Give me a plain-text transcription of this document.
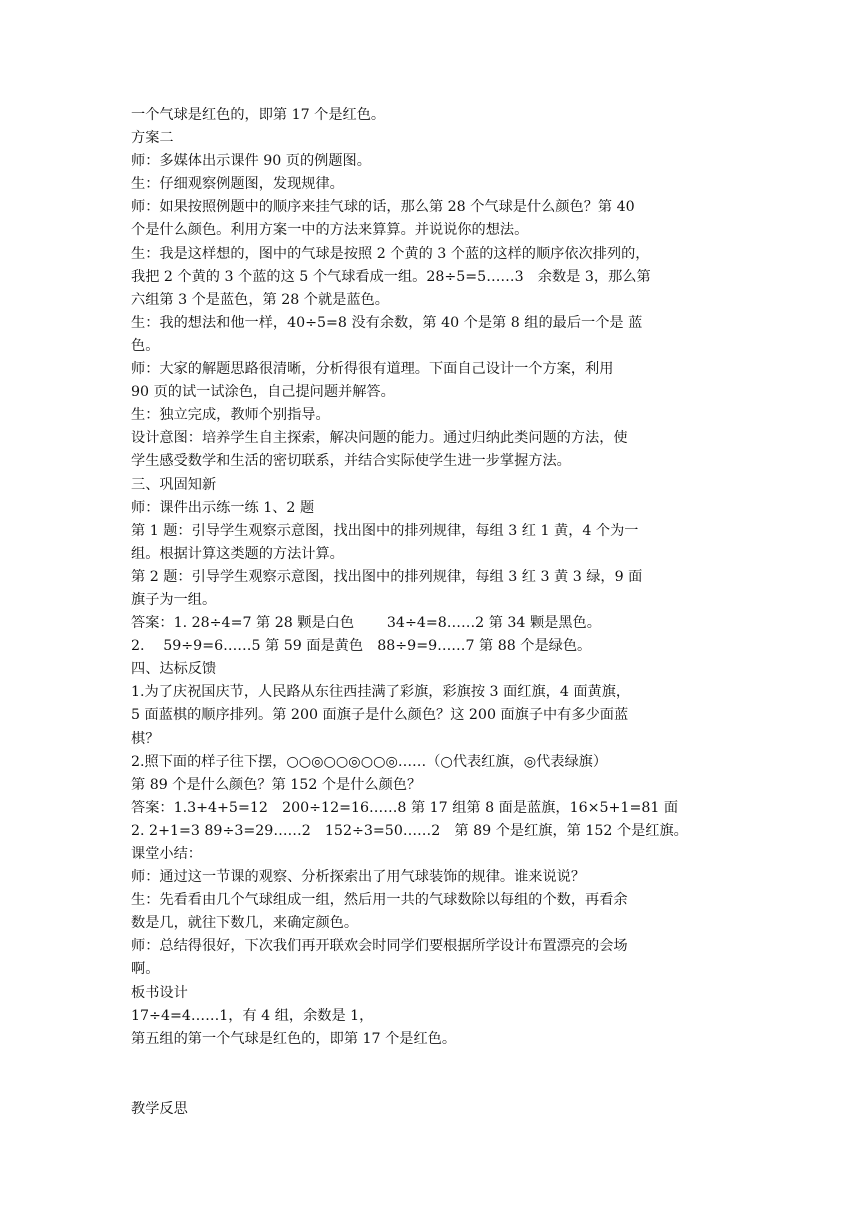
一个气球是红色的，即第 17 个是红色。
方案二
师：多媒体出示课件 90 页的例题图。
生：仔细观察例题图，发现规律。
师：如果按照例题中的顺序来挂气球的话，那么第 28 个气球是什么颜色？第 40
个是什么颜色。利用方案一中的方法来算算。并说说你的想法。
生：我是这样想的，图中的气球是按照 2 个黄的 3 个蓝的这样的顺序依次排列的，
我把 2 个黄的 3 个蓝的这 5 个气球看成一组。28÷5=5……3　余数是 3，那么第
六组第 3 个是蓝色，第 28 个就是蓝色。
生：我的想法和他一样，40÷5=8 没有余数，第 40 个是第 8 组的最后一个是 蓝
色。
师：大家的解题思路很清晰，分析得很有道理。下面自己设计一个方案，利用
90 页的试一试涂色，自己提问题并解答。
生：独立完成，教师个别指导。
设计意图：培养学生自主探索，解决问题的能力。通过归纳此类问题的方法，使
学生感受数学和生活的密切联系，并结合实际使学生进一步掌握方法。
三、巩固知新
师：课件出示练一练 1、2 题
第 1 题：引导学生观察示意图，找出图中的排列规律，每组 3 红 1 黄，4 个为一
组。根据计算这类题的方法计算。
第 2 题：引导学生观察示意图，找出图中的排列规律，每组 3 红 3 黄 3 绿，9 面
旗子为一组。
答案：1. 28÷4=7 第 28 颗是白色　　 34÷4=8……2 第 34 颗是黑色。
2.　 59÷9=6……5 第 59 面是黄色　88÷9=9……7 第 88 个是绿色。
四、达标反馈
1.为了庆祝国庆节，人民路从东往西挂满了彩旗，彩旗按 3 面红旗，4 面黄旗，
5 面蓝棋的顺序排列。第 200 面旗子是什么颜色？这 200 面旗子中有多少面蓝
棋？
2.照下面的样子往下摆，○○◎○○◎○○◎……（○代表红旗，◎代表绿旗）
第 89 个是什么颜色？第 152 个是什么颜色？
答案：1.3+4+5=12　200÷12=16……8 第 17 组第 8 面是蓝旗，16×5+1=81 面
2. 2+1=3 89÷3=29……2　152÷3=50……2　第 89 个是红旗，第 152 个是红旗。
课堂小结：
师：通过这一节课的观察、分析探索出了用气球装饰的规律。谁来说说？
生：先看看由几个气球组成一组，然后用一共的气球数除以每组的个数，再看余
数是几，就往下数几，来确定颜色。
师：总结得很好，下次我们再开联欢会时同学们要根据所学设计布置漂亮的会场
啊。
板书设计
17÷4=4……1，有 4 组，余数是 1，
第五组的第一个气球是红色的，即第 17 个是红色。
教学反思
